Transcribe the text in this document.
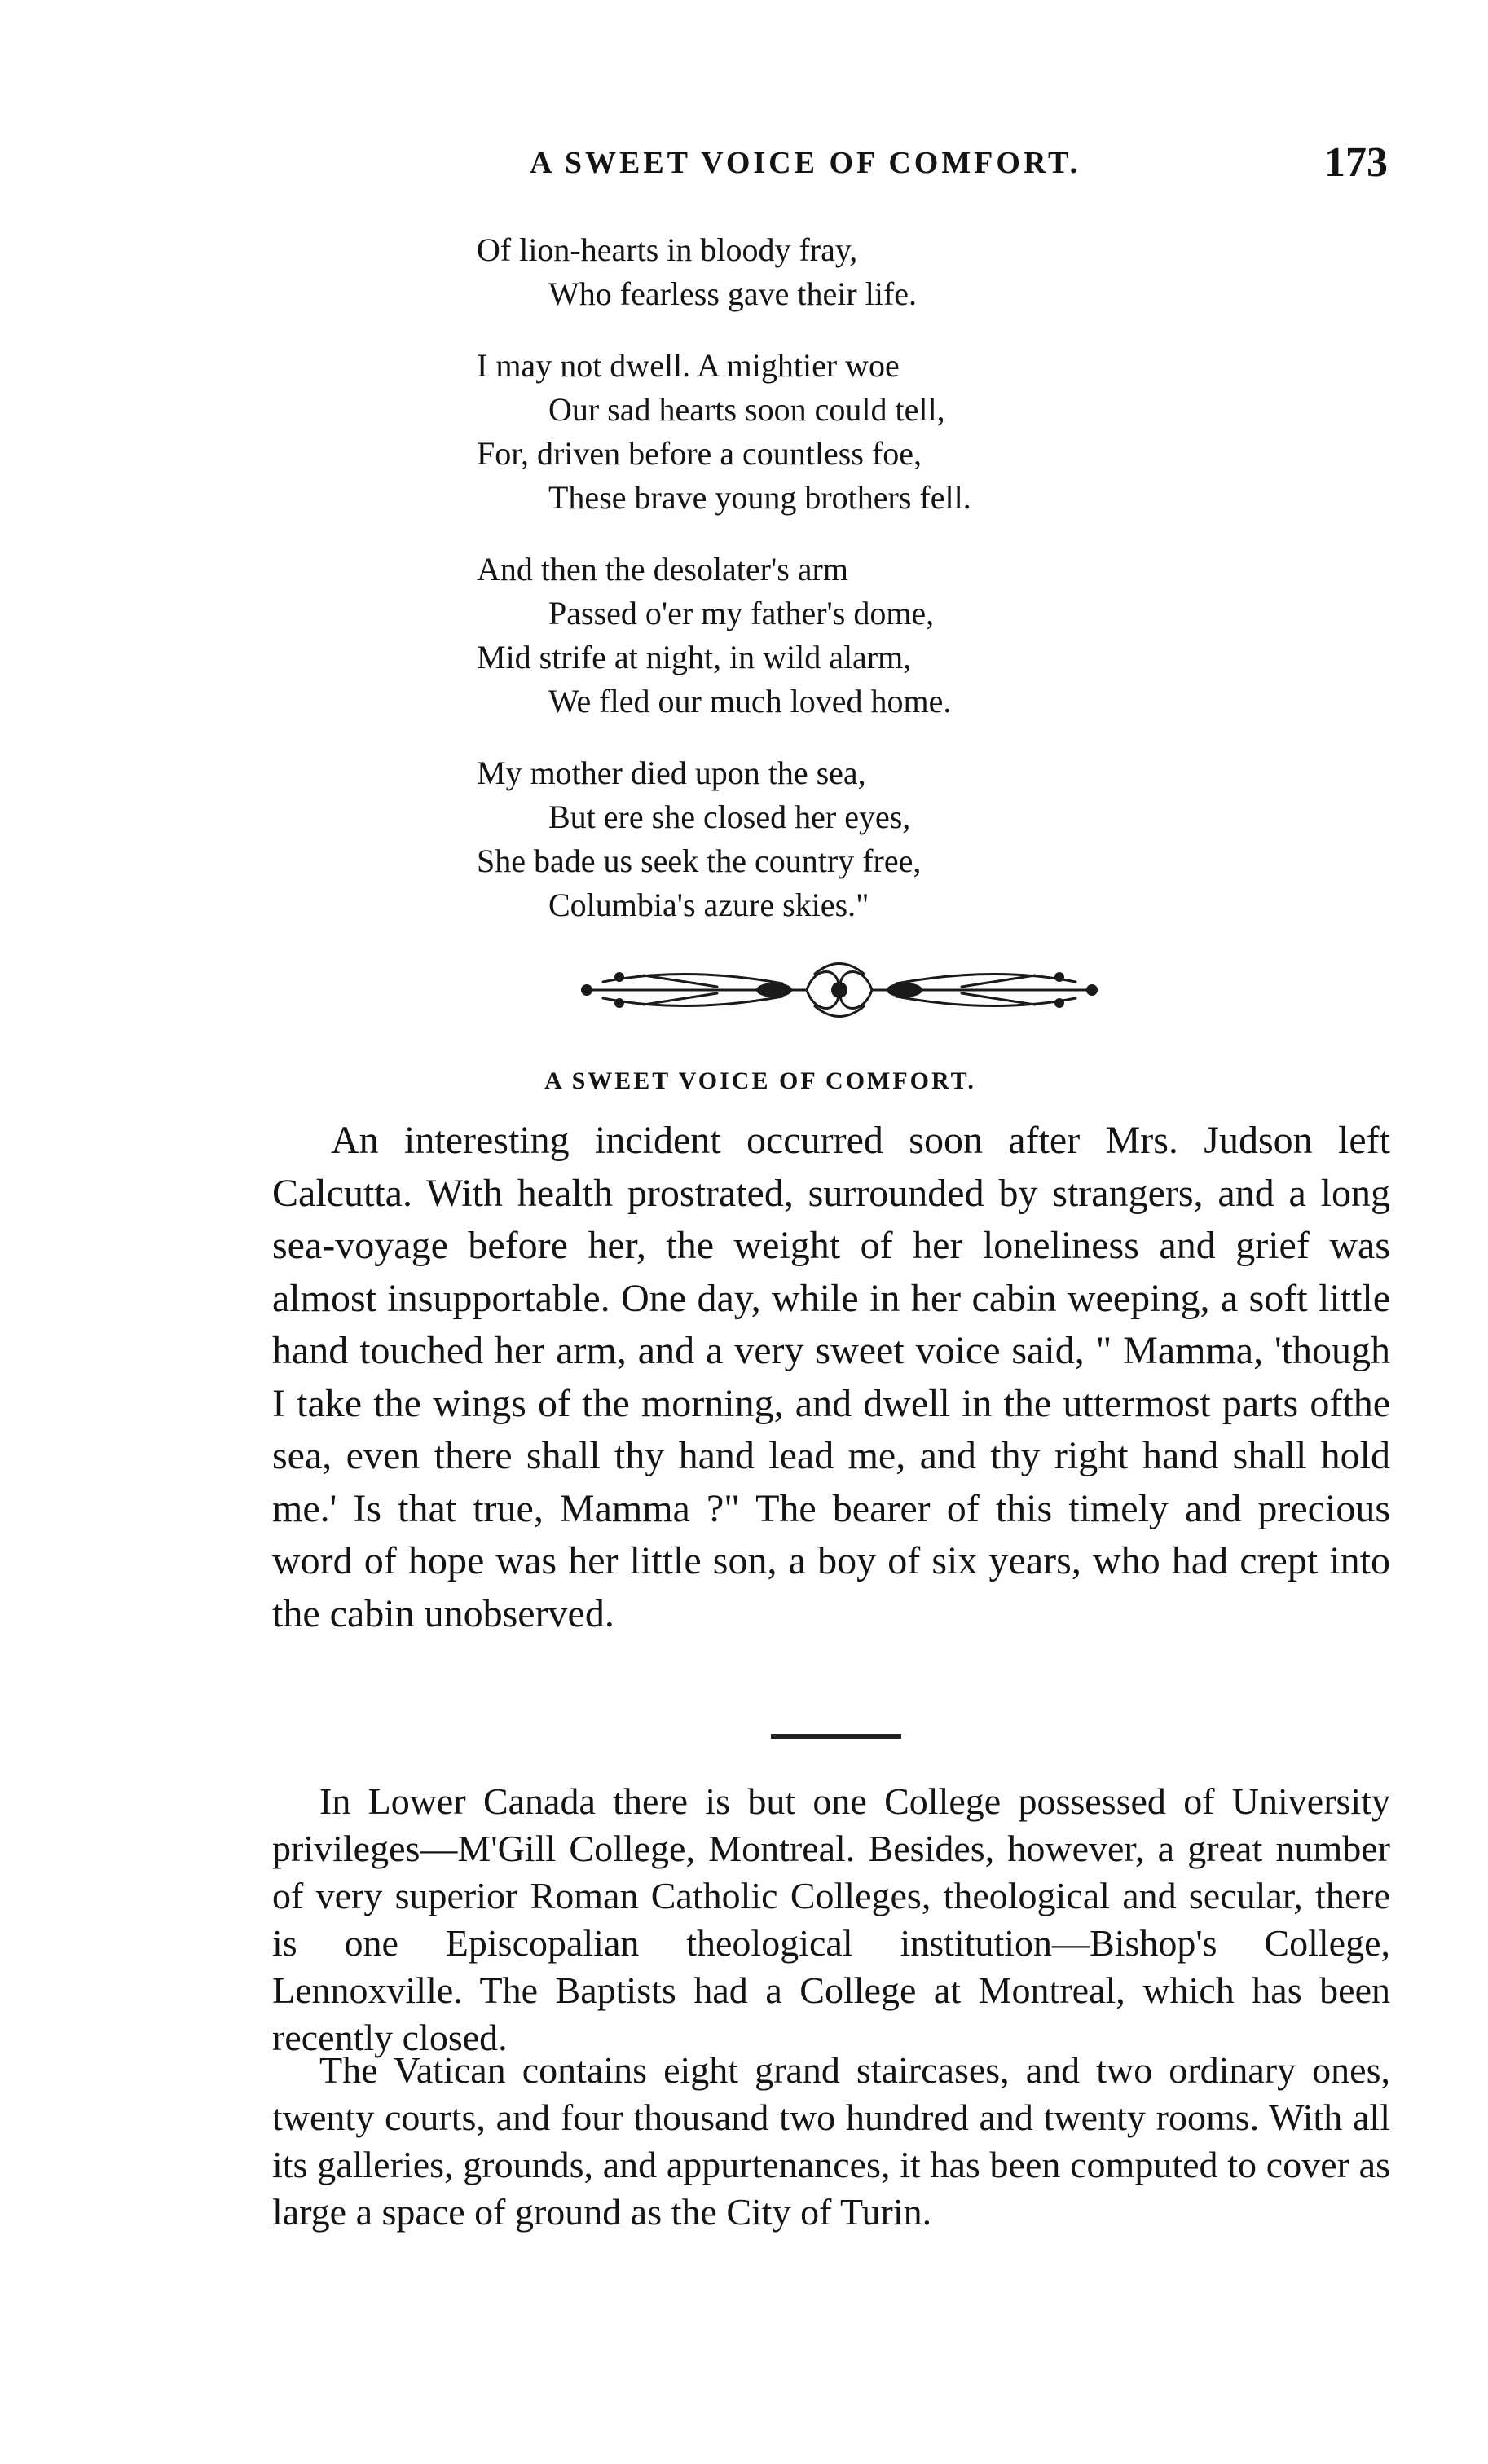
A SWEET VOICE OF COMFORT.	173
Of lion-hearts in bloody fray,
Who fearless gave their life.
I may not dwell. A mightier woe
Our sad hearts soon could tell,
For, driven before a countless foe,
These brave young brothers fell.
And then the desolater's arm
Passed o'er my father's dome,
Mid strife at night, in wild alarm,
We fled our much loved home.
My mother died upon the sea,
But ere she closed her eyes,
She bade us seek the country free,
Columbia's azure skies."
A SWEET VOICE OF COMFORT.

An interesting incident occurred soon after Mrs. Judson left Calcutta. With health prostrated, surrounded by strangers, and a long sea-voyage before her, the weight of her loneliness and grief was almost insupportable. One day, while in her cabin weeping, a soft little hand touched her arm, and a very sweet voice said, " Mamma, 'though I take the wings of the morning, and dwell in the uttermost parts ofthe sea, even there shall thy hand lead me, and thy right hand shall hold me.' Is that true, Mamma ?" The bearer of this timely and precious word of hope was her little son, a boy of six years, who had crept into the cabin unobserved.

In Lower Canada there is but one College possessed of University privileges—M'Gill College, Montreal. Besides, however, a great number of very superior Roman Catholic Colleges, theological and secular, there is one Episcopalian theological institution—Bishop's College, Lennoxville. The Baptists had a College at Montreal, which has been recently closed.

The Vatican contains eight grand staircases, and two ordinary ones, twenty courts, and four thousand two hundred and twenty rooms. With all its galleries, grounds, and appurtenances, it has been computed to cover as large a space of ground as the City of Turin.
